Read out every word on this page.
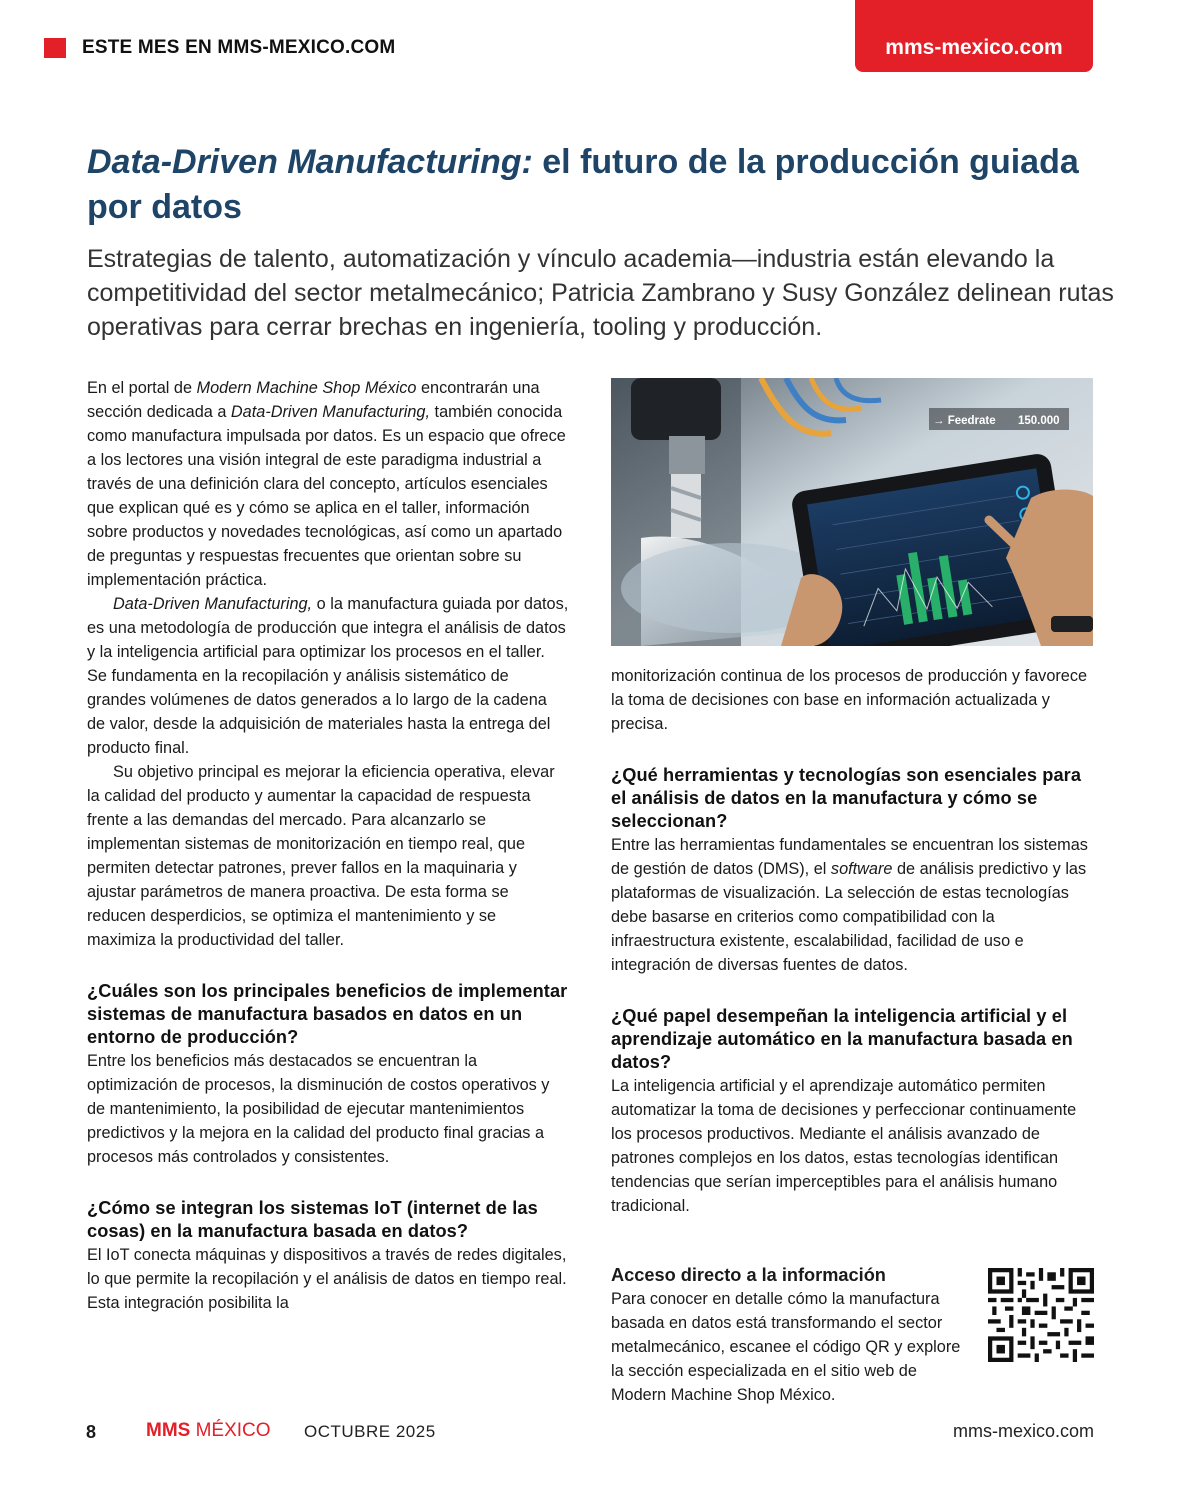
ESTE MES EN MMS-MEXICO.COM	mms-mexico.com
Data-Driven Manufacturing: el futuro de la producción guiada por datos
Estrategias de talento, automatización y vínculo academia—industria están elevando la competitividad del sector metalmecánico; Patricia Zambrano y Susy González delinean rutas operativas para cerrar brechas en ingeniería, tooling y producción.

En el portal de Modern Machine Shop México encontrarán una sección dedicada a Data-Driven Manufacturing, también conocida como manufactura impulsada por datos. Es un espacio que ofrece a los lectores una visión integral de este paradigma industrial a través de una definición clara del concepto, artículos esenciales que explican qué es y cómo se aplica en el taller, información sobre productos y novedades tecnológicas, así como un apartado de preguntas y respuestas frecuentes que orientan sobre su implementación práctica.

Data-Driven Manufacturing, o la manufactura guiada por datos, es una metodología de producción que integra el análisis de datos y la inteligencia artificial para optimizar los procesos en el taller. Se fundamenta en la recopilación y análisis sistemático de grandes volúmenes de datos generados a lo largo de la cadena de valor, desde la adquisición de materiales hasta la entrega del producto final.

Su objetivo principal es mejorar la eficiencia operativa, elevar la calidad del producto y aumentar la capacidad de respuesta frente a las demandas del mercado. Para alcanzarlo se implementan sistemas de monitorización en tiempo real, que permiten detectar patrones, prever fallos en la maquinaria y ajustar parámetros de manera proactiva. De esta forma se reducen desperdicios, se optimiza el mantenimiento y se maximiza la productividad del taller.

¿Cuáles son los principales beneficios de implementar sistemas de manufactura basados en datos en un entorno de producción?

Entre los beneficios más destacados se encuentran la optimización de procesos, la disminución de costos operativos y de mantenimiento, la posibilidad de ejecutar mantenimientos predictivos y la mejora en la calidad del producto final gracias a procesos más controlados y consistentes.

¿Cómo se integran los sistemas IoT (internet de las cosas) en la manufactura basada en datos?

El IoT conecta máquinas y dispositivos a través de redes digitales, lo que permite la recopilación y el análisis de datos en tiempo real. Esta integración posibilita la

→ Feedrate 150.000

monitorización continua de los procesos de producción y favorece la toma de decisiones con base en información actualizada y precisa.

¿Qué herramientas y tecnologías son esenciales para el análisis de datos en la manufactura y cómo se seleccionan?

Entre las herramientas fundamentales se encuentran los sistemas de gestión de datos (DMS), el software de análisis predictivo y las plataformas de visualización. La selección de estas tecnologías debe basarse en criterios como compatibilidad con la infraestructura existente, escalabilidad, facilidad de uso e integración de diversas fuentes de datos.

¿Qué papel desempeñan la inteligencia artificial y el aprendizaje automático en la manufactura basada en datos?

La inteligencia artificial y el aprendizaje automático permiten automatizar la toma de decisiones y perfeccionar continuamente los procesos productivos. Mediante el análisis avanzado de patrones complejos en los datos, estas tecnologías identifican tendencias que serían imperceptibles para el análisis humano tradicional.

Acceso directo a la información

Para conocer en detalle cómo la manufactura basada en datos está transformando el sector metalmecánico, escanee el código QR y explore la sección especializada en el sitio web de Modern Machine Shop México.

8	MMS MÉXICO OCTUBRE 2025	mms-mexico.com
